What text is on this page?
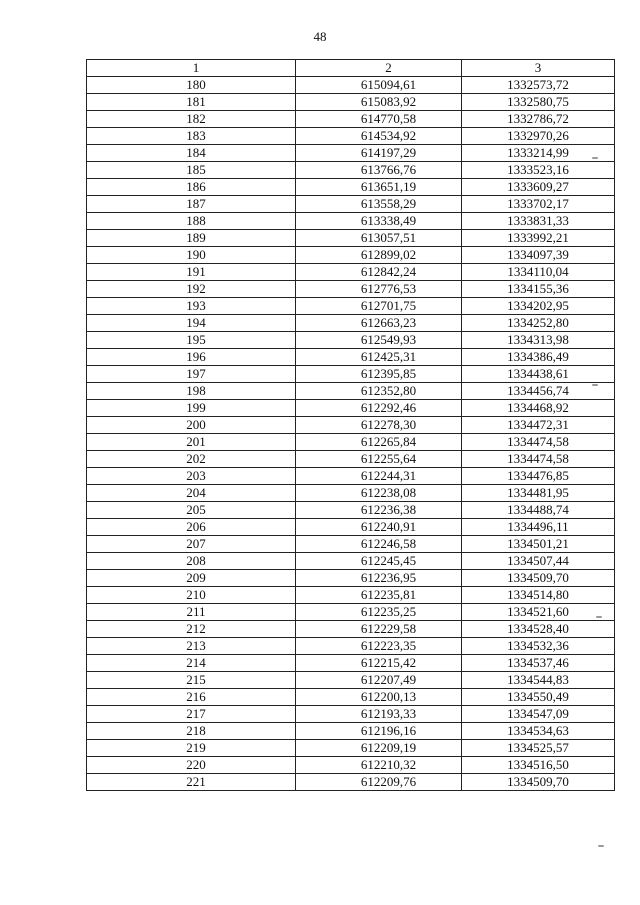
48
1	2	3
180	615094,61	1332573,72
181	615083,92	1332580,75
182	614770,58	1332786,72
183	614534,92	1332970,26
184	614197,29	1333214,99
185	613766,76	1333523,16
186	613651,19	1333609,27
187	613558,29	1333702,17
188	613338,49	1333831,33
189	613057,51	1333992,21
190	612899,02	1334097,39
191	612842,24	1334110,04
192	612776,53	1334155,36
193	612701,75	1334202,95
194	612663,23	1334252,80
195	612549,93	1334313,98
196	612425,31	1334386,49
197	612395,85	1334438,61
198	612352,80	1334456,74
199	612292,46	1334468,92
200	612278,30	1334472,31
201	612265,84	1334474,58
202	612255,64	1334474,58
203	612244,31	1334476,85
204	612238,08	1334481,95
205	612236,38	1334488,74
206	612240,91	1334496,11
207	612246,58	1334501,21
208	612245,45	1334507,44
209	612236,95	1334509,70
210	612235,81	1334514,80
211	612235,25	1334521,60
212	612229,58	1334528,40
213	612223,35	1334532,36
214	612215,42	1334537,46
215	612207,49	1334544,83
216	612200,13	1334550,49
217	612193,33	1334547,09
218	612196,16	1334534,63
219	612209,19	1334525,57
220	612210,32	1334516,50
221	612209,76	1334509,70
